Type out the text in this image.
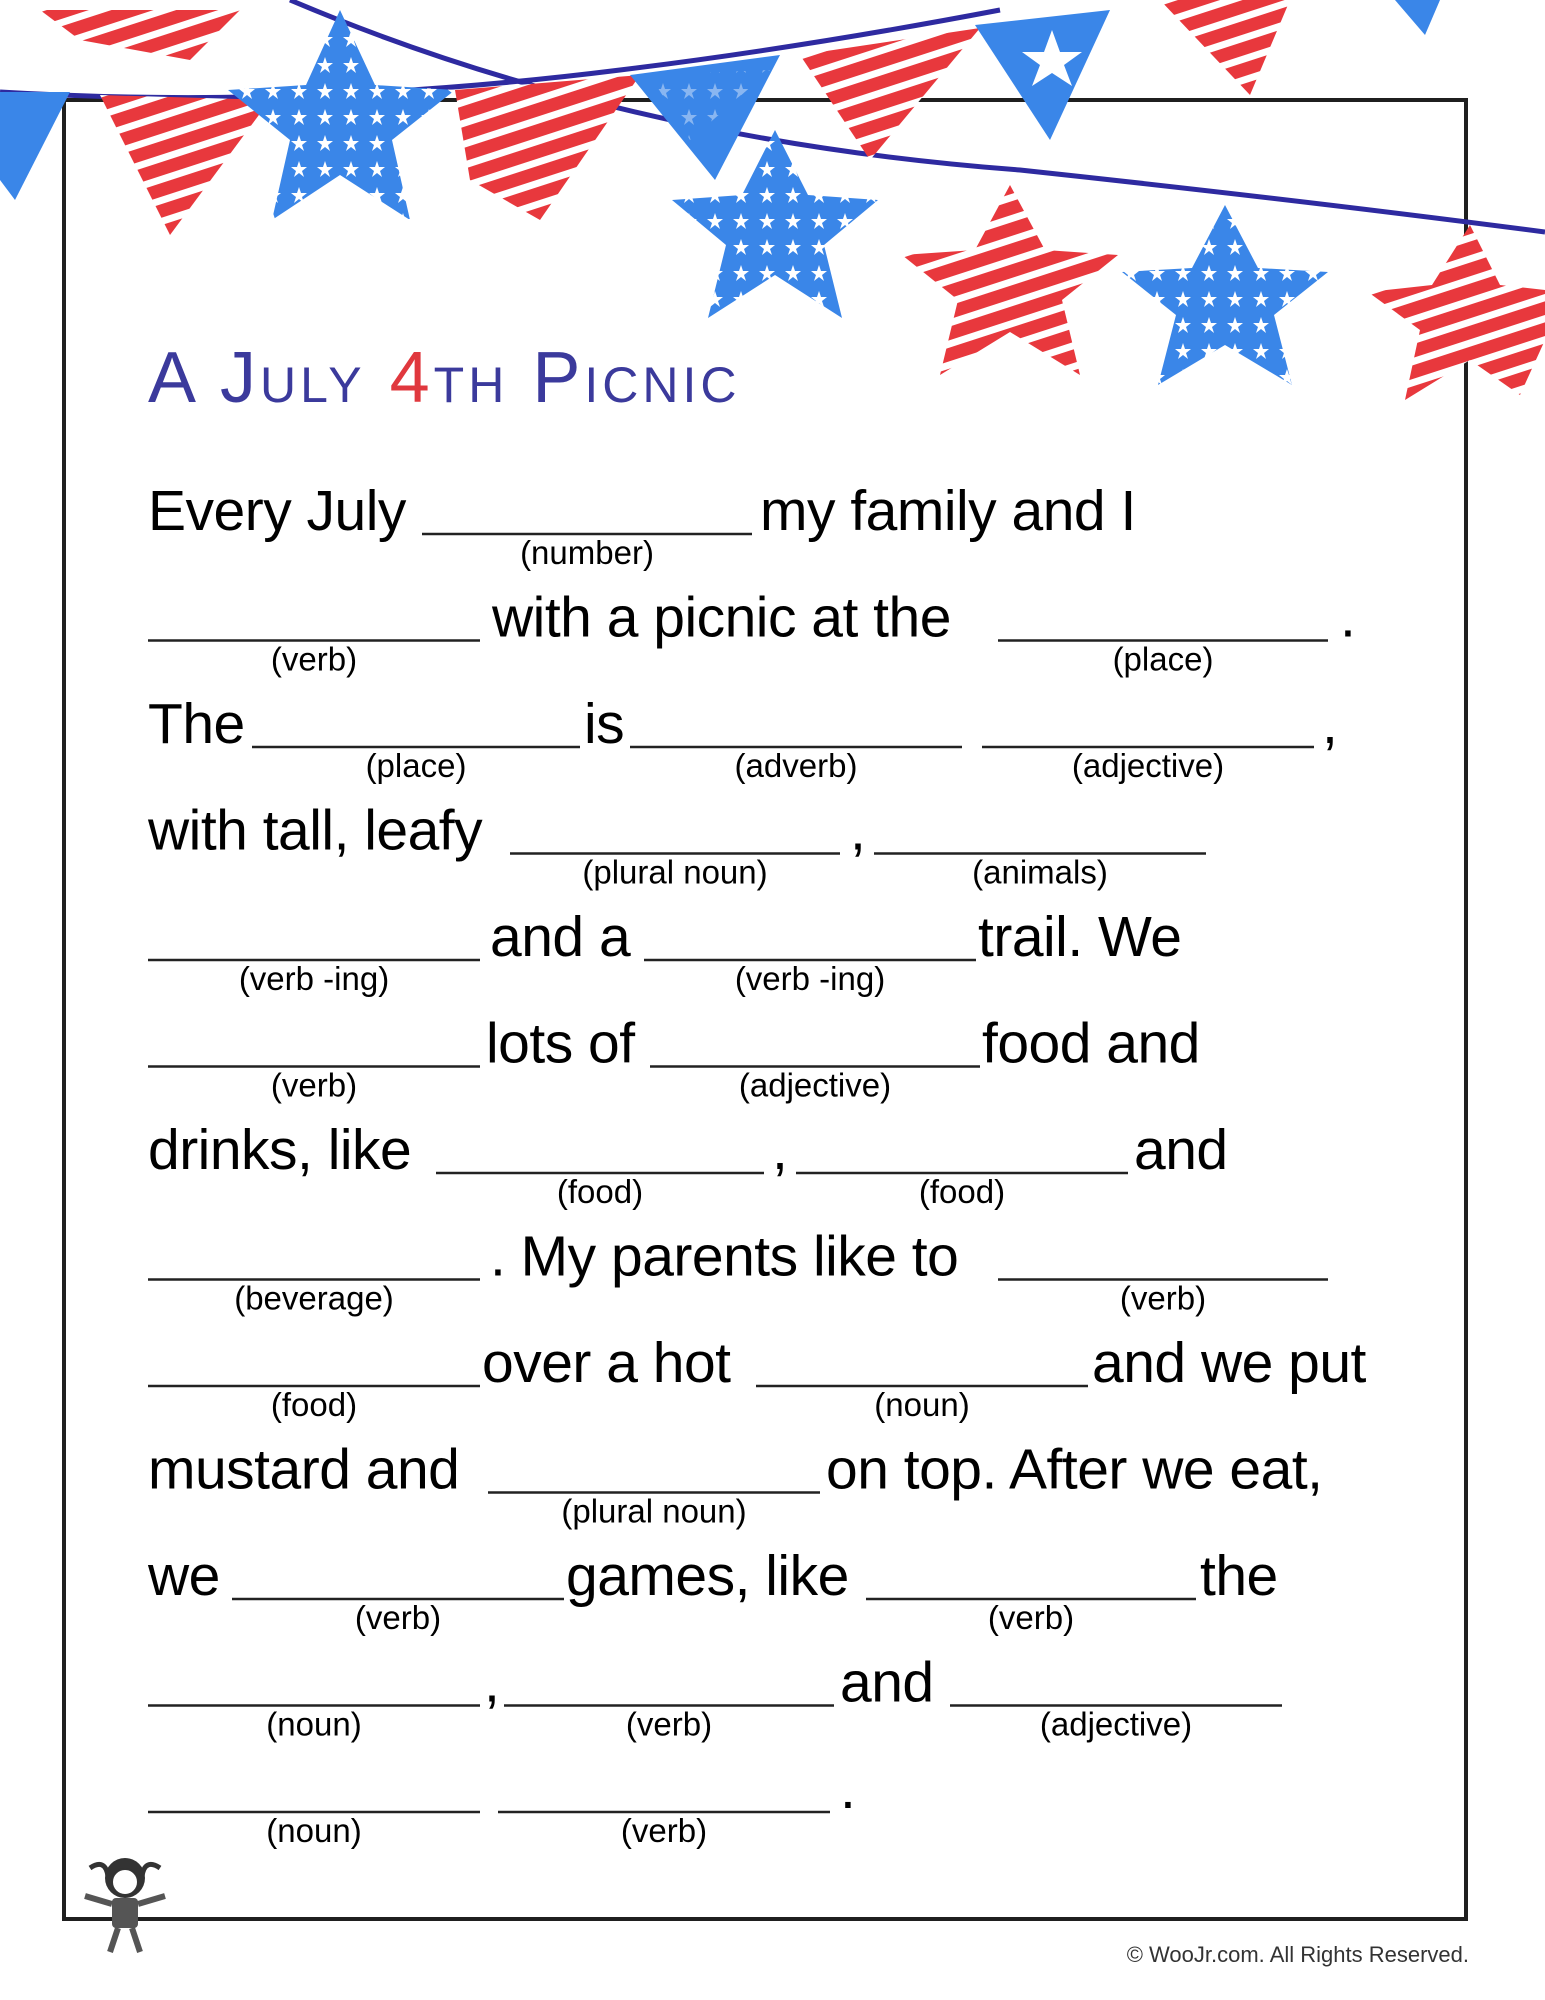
A July 4th Picnic
Every July	my family and I
(number)
with a picnic at the	.
(verb)	(place)
The	is	,
(place)	(adverb)	(adjective)
with tall, leafy	,
(plural noun)	(animals)
and a	trail. We
(verb -ing)	(verb -ing)
lots of	food and
(verb)	(adjective)
drinks, like	,	and
(food)	(food)
. My parents like to
(beverage)	(verb)
over a hot	and we put
(food)	(noun)
mustard and	on top. After we eat,
(plural noun)
we	games, like	the
(verb)	(verb)
,	and
(noun)	(verb)	(adjective)
.
(noun)	(verb)

© WooJr.com. All Rights Reserved.
